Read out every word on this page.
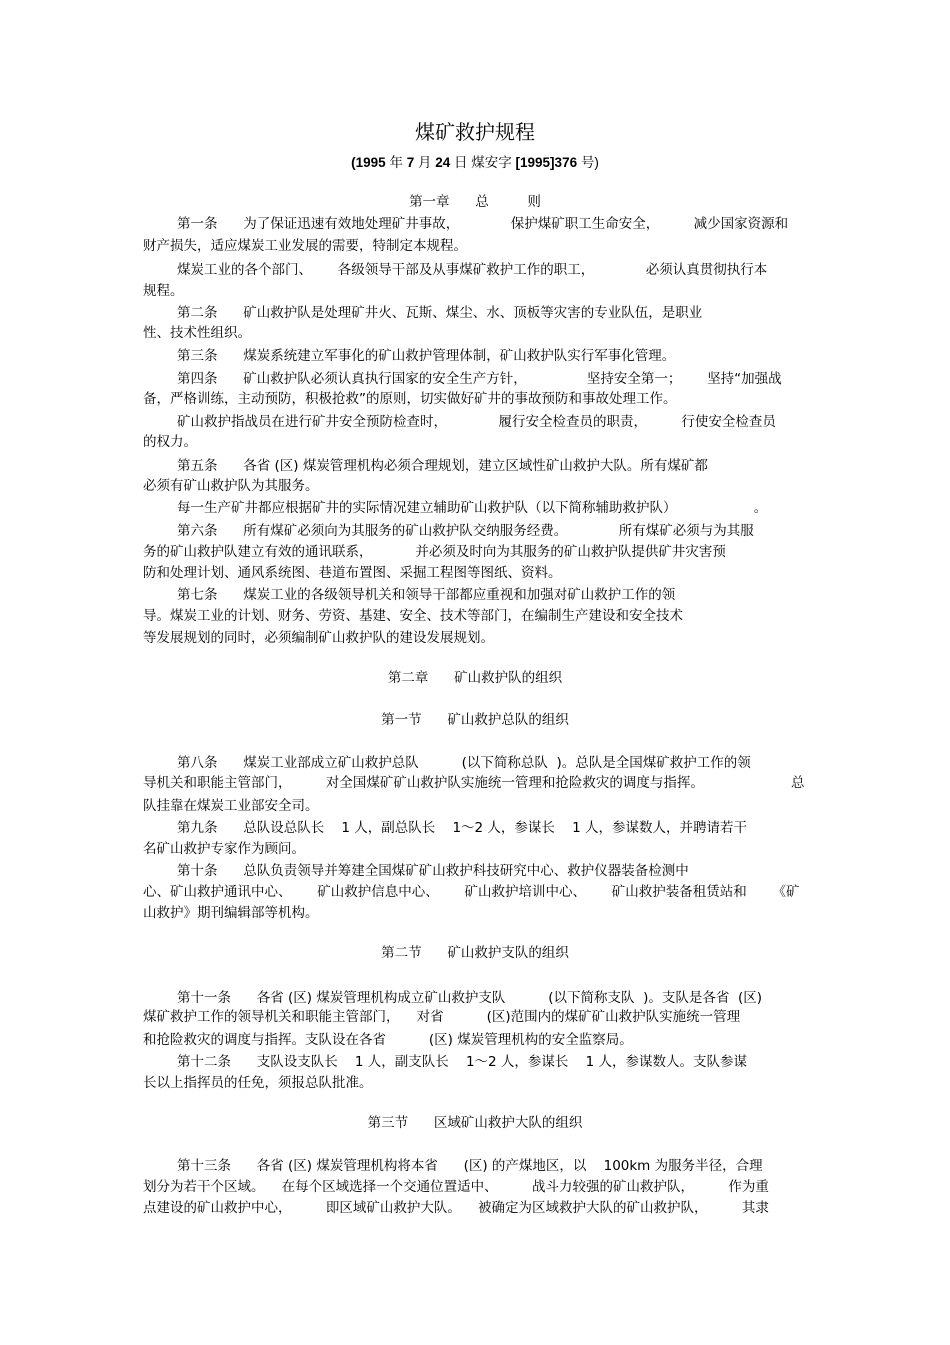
煤矿救护规程
(1995 年 7 月 24 日 煤安字 [1995]376 号)
第一章      总         则
第一条      为了保证迅速有效地处理矿井事故，            保护煤矿职工生命安全，        减少国家资源和
财产损失，适应煤炭工业发展的需要，特制定本规程。
煤炭工业的各个部门、      各级领导干部及从事煤矿救护工作的职工，            必须认真贯彻执行本
规程。
第二条      矿山救护队是处理矿井火、瓦斯、煤尘、水、顶板等灾害的专业队伍，是职业
性、技术性组织。
第三条      煤炭系统建立军事化的矿山救护管理体制，矿山救护队实行军事化管理。
第四条      矿山救护队必须认真执行国家的安全生产方针，              坚持安全第一；      坚持“加强战
备，严格训练，主动预防，积极抢救”的原则，切实做好矿井的事故预防和事故处理工作。
矿山救护指战员在进行矿井安全预防检查时，            履行安全检查员的职责，        行使安全检查员
的权力。
第五条      各省 (区) 煤炭管理机构必须合理规划，建立区域性矿山救护大队。所有煤矿都
必须有矿山救护队为其服务。
每一生产矿井都应根据矿井的实际情况建立辅助矿山救护队（以下简称辅助救护队）                  。
第六条      所有煤矿必须向为其服务的矿山救护队交纳服务经费。            所有煤矿必须与为其服
务的矿山救护队建立有效的通讯联系，          并必须及时向为其服务的矿山救护队提供矿井灾害预
防和处理计划、通风系统图、巷道布置图、采掘工程图等图纸、资料。
第七条      煤炭工业的各级领导机关和领导干部都应重视和加强对矿山救护工作的领
导。煤炭工业的计划、财务、劳资、基建、安全、技术等部门，在编制生产建设和安全技术
等发展规划的同时，必须编制矿山救护队的建设发展规划。
第二章      矿山救护队的组织
第一节      矿山救护总队的组织
第八条      煤炭工业部成立矿山救护总队          (以下简称总队  )。总队是全国煤矿救护工作的领
导机关和职能主管部门，        对全国煤矿矿山救护队实施统一管理和抢险救灾的调度与指挥。	总
队挂靠在煤炭工业部安全司。
第九条      总队设总队长    1 人，副总队长    1～2 人，参谋长    1 人，参谋数人，并聘请若干
名矿山救护专家作为顾问。
第十条      总队负责领导并筹建全国煤矿矿山救护科技研究中心、救护仪器装备检测中
心、矿山救护通讯中心、      矿山救护信息中心、      矿山救护培训中心、      矿山救护装备租赁站和      《矿
山救护》期刊编辑部等机构。
第二节      矿山救护支队的组织
第十一条      各省 (区) 煤炭管理机构成立矿山救护支队          (以下简称支队  )。支队是各省  (区)
煤矿救护工作的领导机关和职能主管部门，    对省          (区)范围内的煤矿矿山救护队实施统一管理
和抢险救灾的调度与指挥。支队设在各省          (区) 煤炭管理机构的安全监察局。
第十二条      支队设支队长    1 人，副支队长    1～2 人，参谋长    1 人，参谋数人。支队参谋
长以上指挥员的任免，须报总队批准。
第三节      区域矿山救护大队的组织
第十三条      各省 (区) 煤炭管理机构将本省      (区) 的产煤地区，以    100km 为服务半径，合理
划分为若干个区域。    在每个区域选择一个交通位置适中、        战斗力较强的矿山救护队，        作为重
点建设的矿山救护中心，        即区域矿山救护大队。    被确定为区域救护大队的矿山救护队，        其隶
